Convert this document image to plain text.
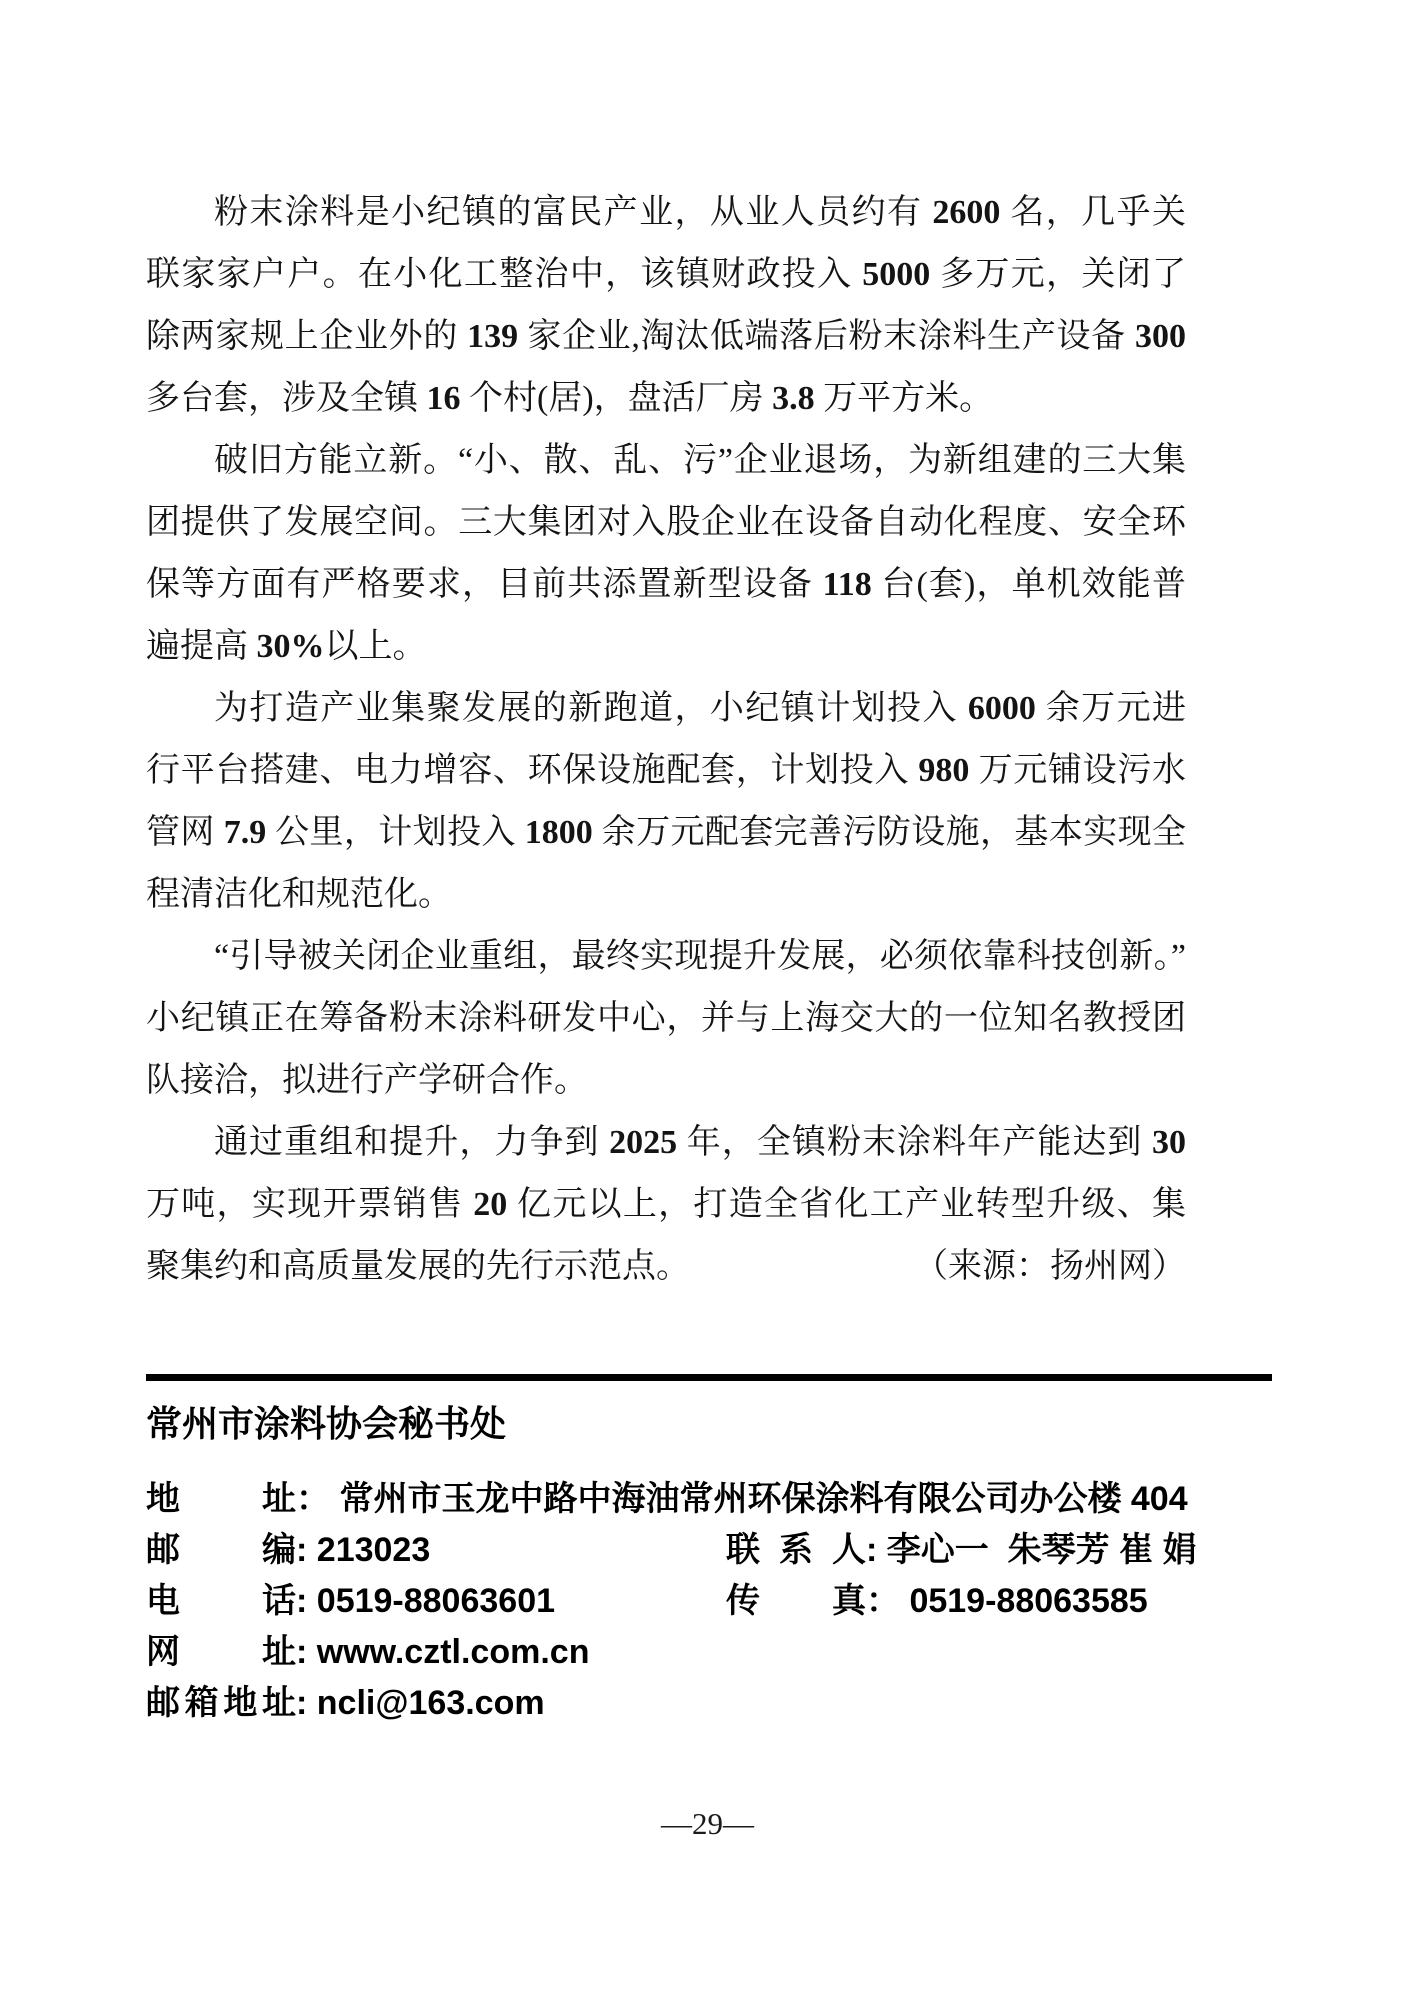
粉末涂料是小纪镇的富民产业，从业人员约有 2600 名，几乎关
联家家户户。在小化工整治中，该镇财政投入 5000 多万元，关闭了
除两家规上企业外的 139 家企业,淘汰低端落后粉末涂料生产设备 300
多台套，涉及全镇 16 个村(居)，盘活厂房 3.8 万平方米。
破旧方能立新。“小、散、乱、污”企业退场，为新组建的三大集
团提供了发展空间。三大集团对入股企业在设备自动化程度、安全环
保等方面有严格要求，目前共添置新型设备 118 台(套)，单机效能普
遍提高 30%以上。
为打造产业集聚发展的新跑道，小纪镇计划投入 6000 余万元进
行平台搭建、电力增容、环保设施配套，计划投入 980 万元铺设污水
管网 7.9 公里，计划投入 1800 余万元配套完善污防设施，基本实现全
程清洁化和规范化。
“引导被关闭企业重组，最终实现提升发展，必须依靠科技创新。”
小纪镇正在筹备粉末涂料研发中心，并与上海交大的一位知名教授团
队接洽，拟进行产学研合作。
通过重组和提升，力争到 2025 年，全镇粉末涂料年产能达到 30
万吨，实现开票销售 20 亿元以上，打造全省化工产业转型升级、集
聚集约和高质量发展的先行示范点。	（来源：扬州网）
常州市涂料协会秘书处
地址： 常州市玉龙中路中海油常州环保涂料有限公司办公楼 404
邮编: 213023	联系人: 李心一  朱琴芳 崔 娟
电话: 0519-88063601	传真： 0519-88063585
网址: www.cztl.com.cn
邮箱地址: ncli@163.com
—29—
